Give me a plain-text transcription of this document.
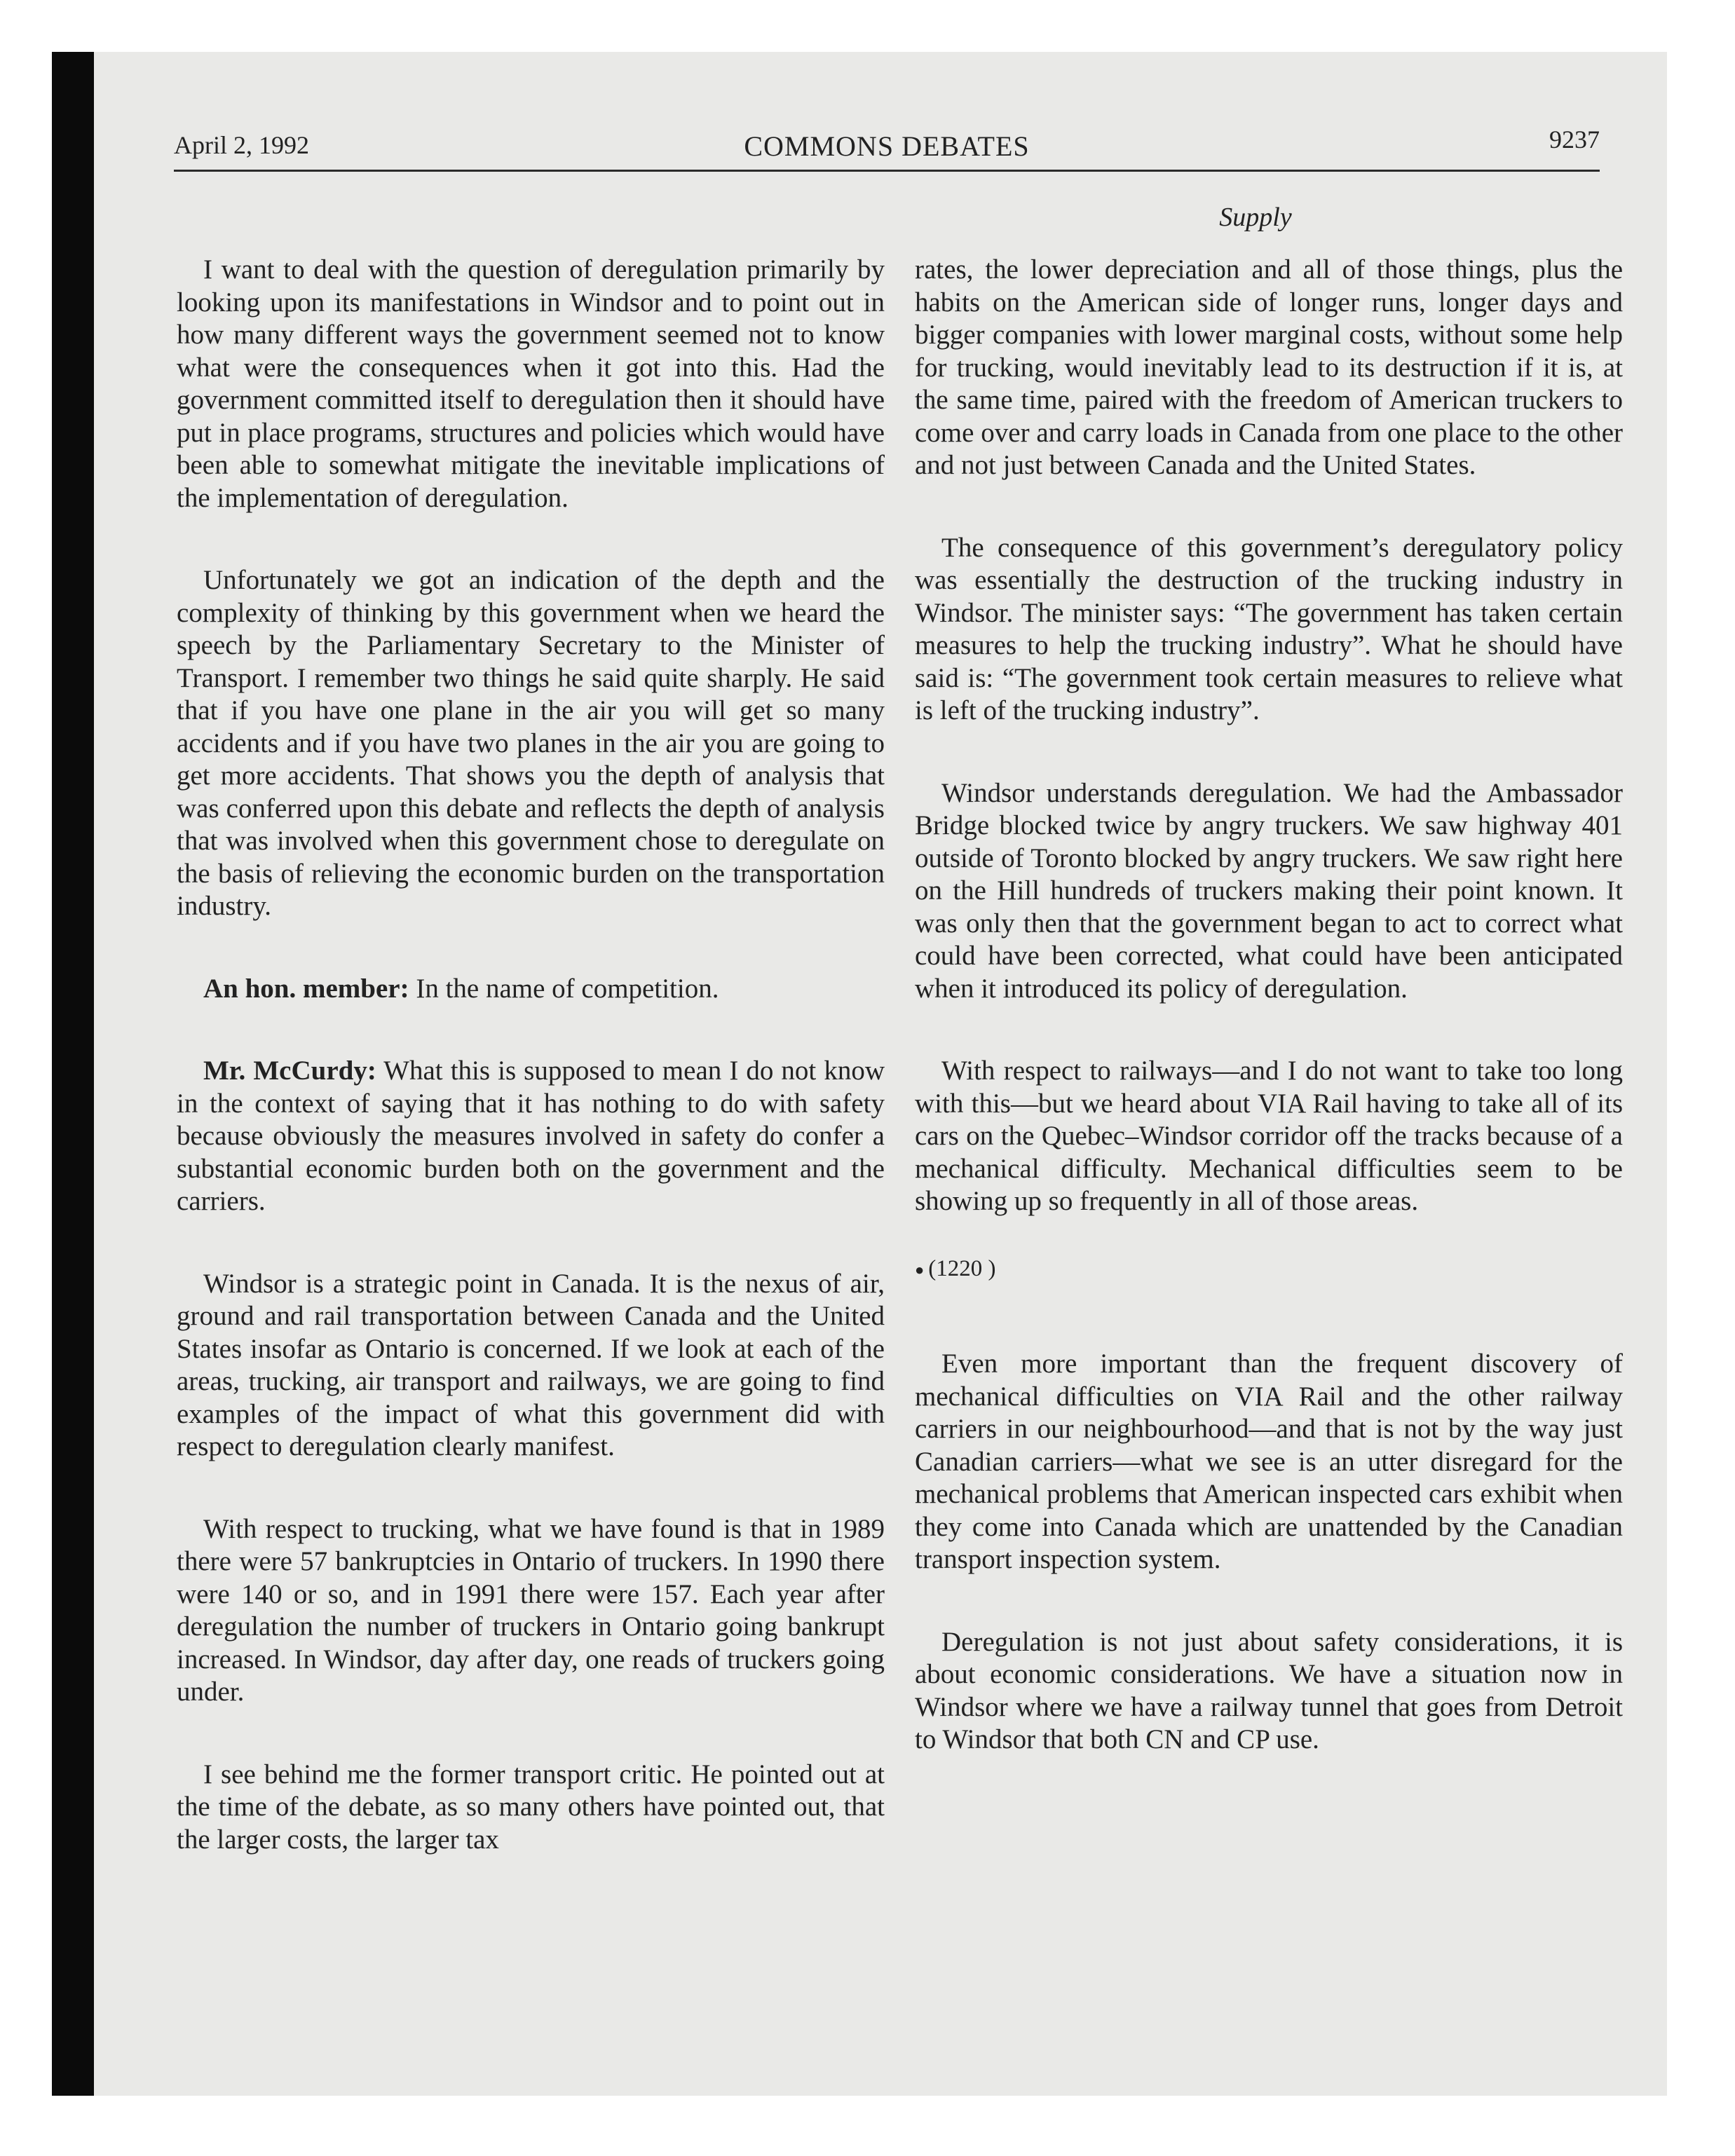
April 2, 1992	COMMONS DEBATES	9237
Supply

I want to deal with the question of deregulation primarily by looking upon its manifestations in Windsor and to point out in how many different ways the government seemed not to know what were the consequences when it got into this. Had the government committed itself to deregulation then it should have put in place programs, structures and policies which would have been able to somewhat mitigate the inevitable implications of the implementation of deregulation.

Unfortunately we got an indication of the depth and the complexity of thinking by this government when we heard the speech by the Parliamentary Secretary to the Minister of Transport. I remember two things he said quite sharply. He said that if you have one plane in the air you will get so many accidents and if you have two planes in the air you are going to get more accidents. That shows you the depth of analysis that was conferred upon this debate and reflects the depth of analysis that was involved when this government chose to deregulate on the basis of relieving the economic burden on the transportation industry.

An hon. member: In the name of competition.

Mr. McCurdy: What this is supposed to mean I do not know in the context of saying that it has nothing to do with safety because obviously the measures involved in safety do confer a substantial economic burden both on the government and the carriers.

Windsor is a strategic point in Canada. It is the nexus of air, ground and rail transportation between Canada and the United States insofar as Ontario is concerned. If we look at each of the areas, trucking, air transport and railways, we are going to find examples of the impact of what this government did with respect to deregulation clearly manifest.

With respect to trucking, what we have found is that in 1989 there were 57 bankruptcies in Ontario of truckers. In 1990 there were 140 or so, and in 1991 there were 157. Each year after deregulation the number of truckers in Ontario going bankrupt increased. In Windsor, day after day, one reads of truckers going under.

I see behind me the former transport critic. He pointed out at the time of the debate, as so many others have pointed out, that the larger costs, the larger tax

rates, the lower depreciation and all of those things, plus the habits on the American side of longer runs, longer days and bigger companies with lower marginal costs, without some help for trucking, would inevitably lead to its destruction if it is, at the same time, paired with the freedom of American truckers to come over and carry loads in Canada from one place to the other and not just between Canada and the United States.

The consequence of this government’s deregulatory policy was essentially the destruction of the trucking industry in Windsor. The minister says: “The government has taken certain measures to help the trucking industry”. What he should have said is: “The government took certain measures to relieve what is left of the trucking industry”.

Windsor understands deregulation. We had the Ambassador Bridge blocked twice by angry truckers. We saw highway 401 outside of Toronto blocked by angry truckers. We saw right here on the Hill hundreds of truckers making their point known. It was only then that the government began to act to correct what could have been corrected, what could have been anticipated when it introduced its policy of deregulation.

With respect to railways—and I do not want to take too long with this—but we heard about VIA Rail having to take all of its cars on the Quebec–Windsor corridor off the tracks because of a mechanical difficulty. Mechanical difficulties seem to be showing up so frequently in all of those areas.

● (1220 )

Even more important than the frequent discovery of mechanical difficulties on VIA Rail and the other railway carriers in our neighbourhood—and that is not by the way just Canadian carriers—what we see is an utter disregard for the mechanical problems that American inspected cars exhibit when they come into Canada which are unattended by the Canadian transport inspection system.

Deregulation is not just about safety considerations, it is about economic considerations. We have a situation now in Windsor where we have a railway tunnel that goes from Detroit to Windsor that both CN and CP use.
